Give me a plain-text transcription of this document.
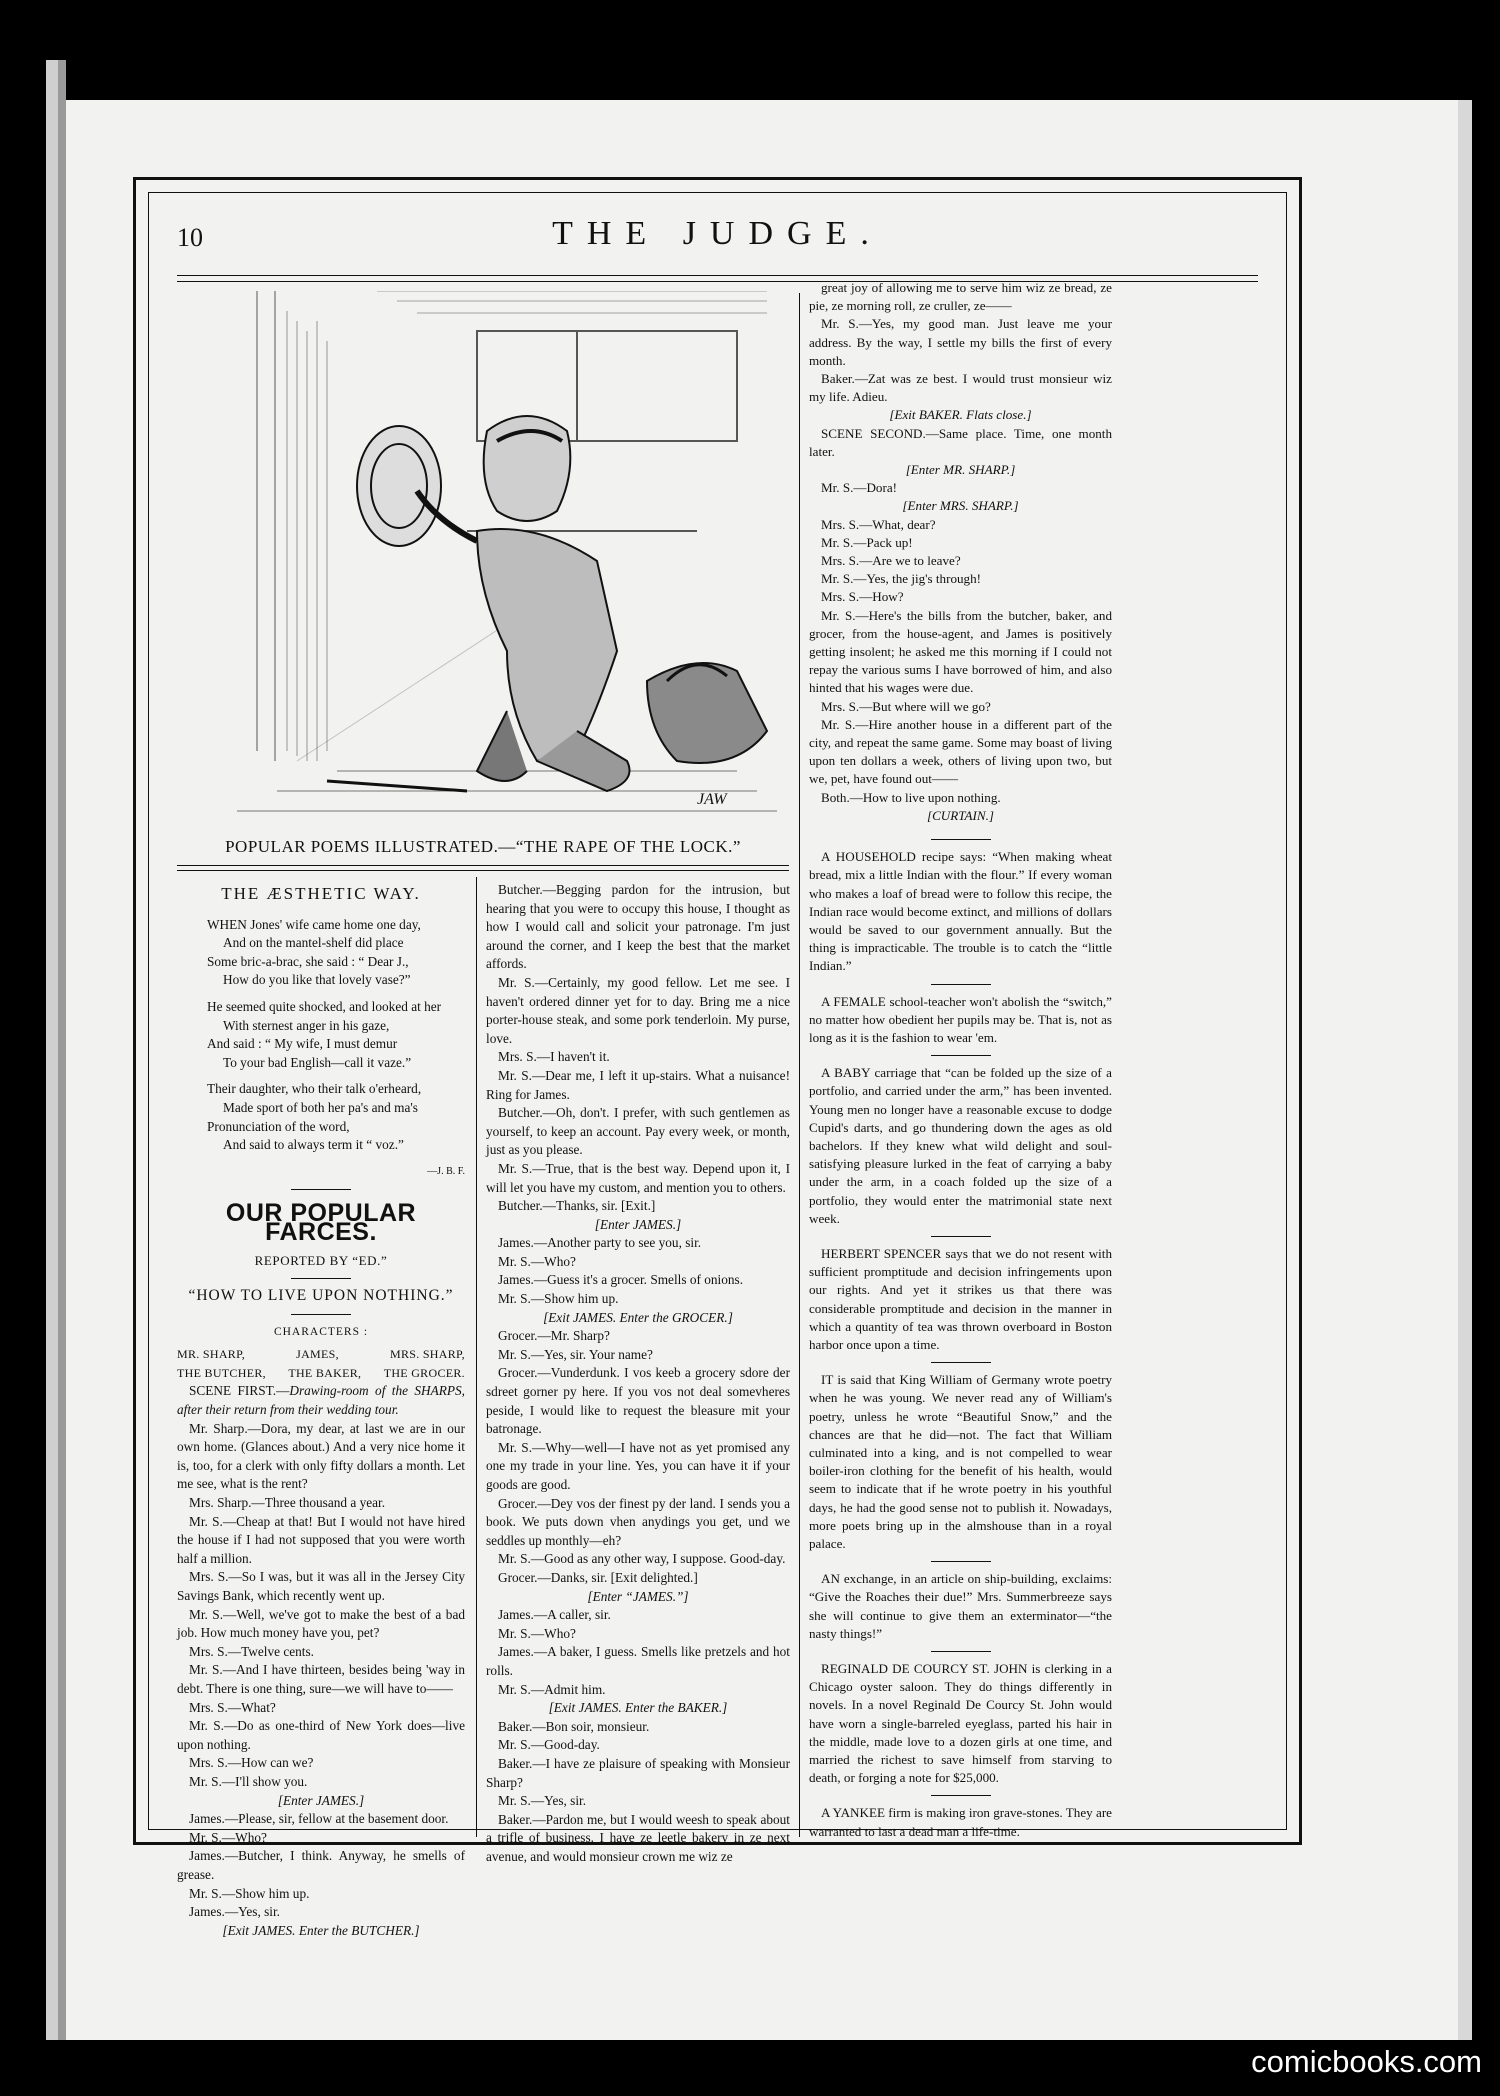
10	THE JUDGE.
JAW
POPULAR POEMS ILLUSTRATED.—“THE RAPE OF THE LOCK.”
THE ÆSTHETIC WAY.

WHEN Jones' wife came home one day,

And on the mantel-shelf did place

Some bric-a-brac, she said : “ Dear J.,

How do you like that lovely vase?”

He seemed quite shocked, and looked at her

With sternest anger in his gaze,

And said : “ My wife, I must demur

To your bad English—call it vaze.”

Their daughter, who their talk o'erheard,

Made sport of both her pa's and ma's

Pronunciation of the word,

And said to always term it “ voz.”

—J. B. F.
OUR POPULAR FARCES.
REPORTED BY “ED.”
“HOW TO LIVE UPON NOTHING.”
CHARACTERS :
MR. SHARP,	JAMES,	MRS. SHARP,
THE BUTCHER, THE BAKER, THE GROCER.

SCENE FIRST.—Drawing-room of the SHARPS, after their return from their wedding tour.

Mr. Sharp.—Dora, my dear, at last we are in our own home. (Glances about.) And a very nice home it is, too, for a clerk with only fifty dollars a month. Let me see, what is the rent?

Mrs. Sharp.—Three thousand a year.

Mr. S.—Cheap at that! But I would not have hired the house if I had not supposed that you were worth half a million.

Mrs. S.—So I was, but it was all in the Jersey City Savings Bank, which recently went up.

Mr. S.—Well, we've got to make the best of a bad job. How much money have you, pet?

Mrs. S.—Twelve cents.

Mr. S.—And I have thirteen, besides being 'way in debt. There is one thing, sure—we will have to——

Mrs. S.—What?

Mr. S.—Do as one-third of New York does—live upon nothing.

Mrs. S.—How can we?

Mr. S.—I'll show you.

[Enter JAMES.]

James.—Please, sir, fellow at the basement door.

Mr. S.—Who?

James.—Butcher, I think. Anyway, he smells of grease.

Mr. S.—Show him up.

James.—Yes, sir.

[Exit JAMES. Enter the BUTCHER.]

Butcher.—Begging pardon for the intrusion, but hearing that you were to occupy this house, I thought as how I would call and solicit your patronage. I'm just around the corner, and I keep the best that the market affords.

Mr. S.—Certainly, my good fellow. Let me see. I haven't ordered dinner yet for to day. Bring me a nice porter-house steak, and some pork tenderloin. My purse, love.

Mrs. S.—I haven't it.

Mr. S.—Dear me, I left it up-stairs. What a nuisance! Ring for James.

Butcher.—Oh, don't. I prefer, with such gentlemen as yourself, to keep an account. Pay every week, or month, just as you please.

Mr. S.—True, that is the best way. Depend upon it, I will let you have my custom, and mention you to others.

Butcher.—Thanks, sir. [Exit.]

[Enter JAMES.]

James.—Another party to see you, sir.

Mr. S.—Who?

James.—Guess it's a grocer. Smells of onions.

Mr. S.—Show him up.

[Exit JAMES. Enter the GROCER.]

Grocer.—Mr. Sharp?

Mr. S.—Yes, sir. Your name?

Grocer.—Vunderdunk. I vos keeb a grocery sdore der sdreet gorner py here. If you vos not deal somevheres peside, I would like to request the bleasure mit your batronage.

Mr. S.—Why—well—I have not as yet promised any one my trade in your line. Yes, you can have it if your goods are good.

Grocer.—Dey vos der finest py der land. I sends you a book. We puts down vhen anydings you get, und we seddles up monthly—eh?

Mr. S.—Good as any other way, I suppose. Good-day.

Grocer.—Danks, sir. [Exit delighted.]

[Enter “JAMES.”]

James.—A caller, sir.

Mr. S.—Who?

James.—A baker, I guess. Smells like pretzels and hot rolls.

Mr. S.—Admit him.

[Exit JAMES. Enter the BAKER.]

Baker.—Bon soir, monsieur.

Mr. S.—Good-day.

Baker.—I have ze plaisure of speaking with Monsieur Sharp?

Mr. S.—Yes, sir.

Baker.—Pardon me, but I would weesh to speak about a trifle of business. I have ze leetle bakery in ze next avenue, and would monsieur crown me wiz ze

great joy of allowing me to serve him wiz ze bread, ze pie, ze morning roll, ze cruller, ze——

Mr. S.—Yes, my good man. Just leave me your address. By the way, I settle my bills the first of every month.

Baker.—Zat was ze best. I would trust monsieur wiz my life. Adieu.

[Exit BAKER. Flats close.]

SCENE SECOND.—Same place. Time, one month later.

[Enter MR. SHARP.]

Mr. S.—Dora!

[Enter MRS. SHARP.]

Mrs. S.—What, dear?

Mr. S.—Pack up!

Mrs. S.—Are we to leave?

Mr. S.—Yes, the jig's through!

Mrs. S.—How?

Mr. S.—Here's the bills from the butcher, baker, and grocer, from the house-agent, and James is positively getting insolent; he asked me this morning if I could not repay the various sums I have borrowed of him, and also hinted that his wages were due.

Mrs. S.—But where will we go?

Mr. S.—Hire another house in a different part of the city, and repeat the same game. Some may boast of living upon ten dollars a week, others of living upon two, but we, pet, have found out——

Both.—How to live upon nothing.

[CURTAIN.]

A HOUSEHOLD recipe says: “When making wheat bread, mix a little Indian with the flour.” If every woman who makes a loaf of bread were to follow this recipe, the Indian race would become extinct, and millions of dollars would be saved to our government annually. But the thing is impracticable. The trouble is to catch the “little Indian.”

A FEMALE school-teacher won't abolish the “switch,” no matter how obedient her pupils may be. That is, not as long as it is the fashion to wear 'em.

A BABY carriage that “can be folded up the size of a portfolio, and carried under the arm,” has been invented. Young men no longer have a reasonable excuse to dodge Cupid's darts, and go thundering down the ages as old bachelors. If they knew what wild delight and soul-satisfying pleasure lurked in the feat of carrying a baby under the arm, in a coach folded up the size of a portfolio, they would enter the matrimonial state next week.

HERBERT SPENCER says that we do not resent with sufficient promptitude and decision infringements upon our rights. And yet it strikes us that there was considerable promptitude and decision in the manner in which a quantity of tea was thrown overboard in Boston harbor once upon a time.

IT is said that King William of Germany wrote poetry when he was young. We never read any of William's poetry, unless he wrote “Beautiful Snow,” and the chances are that he did—not. The fact that William culminated into a king, and is not compelled to wear boiler-iron clothing for the benefit of his health, would seem to indicate that if he wrote poetry in his youthful days, he had the good sense not to publish it. Nowadays, more poets bring up in the almshouse than in a royal palace.

AN exchange, in an article on ship-building, exclaims: “Give the Roaches their due!” Mrs. Summerbreeze says she will continue to give them an exterminator—“the nasty things!”

REGINALD DE COURCY ST. JOHN is clerking in a Chicago oyster saloon. They do things differently in novels. In a novel Reginald De Courcy St. John would have worn a single-barreled eyeglass, parted his hair in the middle, made love to a dozen girls at one time, and married the richest to save himself from starving to death, or forging a note for $25,000.

A YANKEE firm is making iron grave-stones. They are warranted to last a dead man a life-time.

comicbooks.com
